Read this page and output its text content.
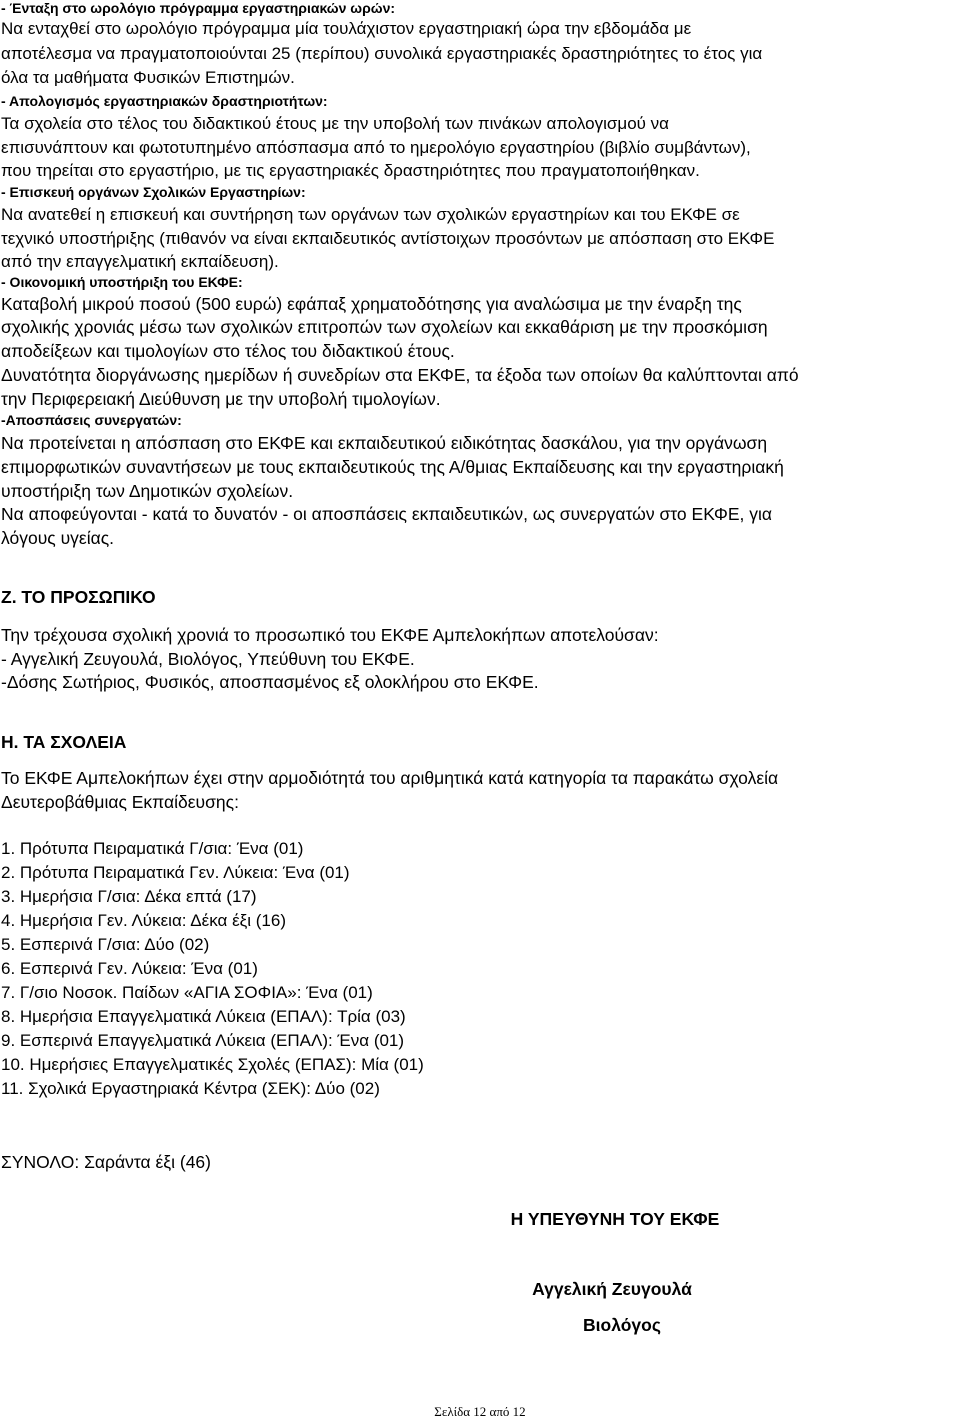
- Ένταξη στο ωρολόγιο πρόγραμμα εργαστηριακών ωρών:
Να ενταχθεί στο ωρολόγιο πρόγραμμα μία τουλάχιστον εργαστηριακή ώρα την εβδομάδα με
αποτέλεσμα να πραγματοποιούνται 25 (περίπου) συνολικά εργαστηριακές δραστηριότητες το έτος για
όλα τα μαθήματα Φυσικών Επιστημών.
- Απολογισμός εργαστηριακών δραστηριοτήτων:
Τα σχολεία στο τέλος του διδακτικού έτους με την υποβολή των πινάκων απολογισμού να
επισυνάπτουν και φωτοτυπημένο απόσπασμα από το ημερολόγιο εργαστηρίου (βιβλίο συμβάντων),
που τηρείται στο εργαστήριο, με τις εργαστηριακές δραστηριότητες που πραγματοποιήθηκαν.
- Επισκευή οργάνων Σχολικών Εργαστηρίων:
Να ανατεθεί η επισκευή και συντήρηση των οργάνων των σχολικών εργαστηρίων και του ΕΚΦΕ σε
τεχνικό υποστήριξης (πιθανόν να είναι εκπαιδευτικός αντίστοιχων προσόντων με απόσπαση στο ΕΚΦΕ
από την επαγγελματική εκπαίδευση).
- Οικονομική υποστήριξη του ΕΚΦΕ:
Καταβολή μικρού ποσού (500 ευρώ) εφάπαξ χρηματοδότησης για αναλώσιμα με την έναρξη της
σχολικής χρονιάς μέσω των σχολικών επιτροπών των σχολείων και εκκαθάριση με την προσκόμιση
αποδείξεων και τιμολογίων στο τέλος του διδακτικού έτους.
Δυνατότητα διοργάνωσης ημερίδων ή συνεδρίων στα ΕΚΦΕ, τα έξοδα των οποίων θα καλύπτονται από
την Περιφερειακή Διεύθυνση με την υποβολή τιμολογίων.
-Αποσπάσεις συνεργατών:
Να προτείνεται η απόσπαση στο ΕΚΦΕ και εκπαιδευτικού ειδικότητας δασκάλου, για την οργάνωση
επιμορφωτικών συναντήσεων με τους εκπαιδευτικούς της Α/θμιας Εκπαίδευσης και την εργαστηριακή
υποστήριξη των Δημοτικών σχολείων.
Να αποφεύγονται - κατά το δυνατόν - οι αποσπάσεις εκπαιδευτικών, ως συνεργατών στο ΕΚΦΕ, για
λόγους υγείας.
Ζ. ΤΟ ΠΡΟΣΩΠΙΚΟ
Την τρέχουσα σχολική χρονιά το προσωπικό του ΕΚΦΕ Αμπελοκήπων αποτελούσαν:
- Αγγελική Ζευγουλά, Βιολόγος, Υπεύθυνη του ΕΚΦΕ.
-Δόσης Σωτήριος, Φυσικός, αποσπασμένος εξ ολοκλήρου στο ΕΚΦΕ.
Η. ΤΑ ΣΧΟΛΕΙΑ
Το ΕΚΦΕ Αμπελοκήπων έχει στην αρμοδιότητά του αριθμητικά κατά κατηγορία τα παρακάτω σχολεία
Δευτεροβάθμιας Εκπαίδευσης:
1. Πρότυπα Πειραματικά Γ/σια: Ένα (01)
2. Πρότυπα Πειραματικά Γεν. Λύκεια: Ένα (01)
3. Ημερήσια Γ/σια: Δέκα επτά (17)
4. Ημερήσια Γεν. Λύκεια: Δέκα έξι (16)
5. Εσπερινά Γ/σια: Δύο (02)
6. Εσπερινά Γεν. Λύκεια: Ένα (01)
7. Γ/σιο Νοσοκ. Παίδων «ΑΓΙΑ ΣΟΦΙΑ»: Ένα (01)
8. Ημερήσια Επαγγελματικά Λύκεια (ΕΠΑΛ): Τρία (03)
9. Εσπερινά Επαγγελματικά Λύκεια (ΕΠΑΛ): Ένα (01)
10. Ημερήσιες Επαγγελματικές Σχολές (ΕΠΑΣ): Μία (01)
11. Σχολικά Εργαστηριακά Κέντρα (ΣΕΚ): Δύο (02)
ΣΥΝΟΛΟ: Σαράντα έξι (46)
Η ΥΠΕΥΘΥΝΗ ΤΟΥ ΕΚΦΕ
Αγγελική Ζευγουλά
Βιολόγος
Σελίδα 12 από 12
